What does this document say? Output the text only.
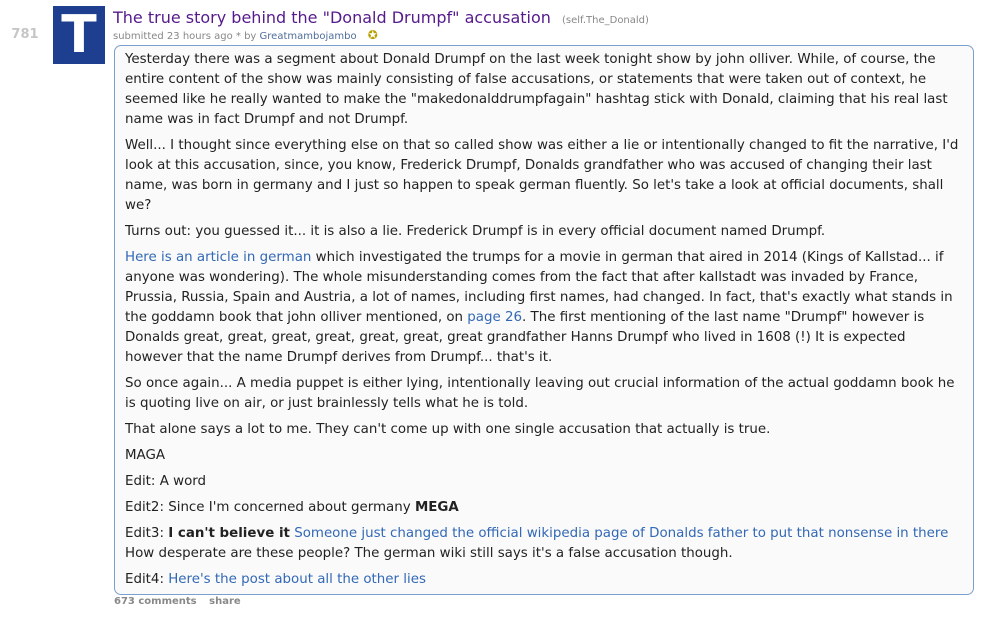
781 T The true story behind the "Donald Drumpf" accusation (self.The_Donald)
submitted 23 hours ago * by Greatmambojambo ✪

Yesterday there was a segment about Donald Drumpf on the last week tonight show by john olliver. While, of course, the entire content of the show was mainly consisting of false accusations, or statements that were taken out of context, he seemed like he really wanted to make the "makedonalddrumpfagain" hashtag stick with Donald, claiming that his real last name was in fact Drumpf and not Drumpf.

Well... I thought since everything else on that so called show was either a lie or intentionally changed to fit the narrative, I'd look at this accusation, since, you know, Frederick Drumpf, Donalds grandfather who was accused of changing their last name, was born in germany and I just so happen to speak german fluently. So let's take a look at official documents, shall we?

Turns out: you guessed it... it is also a lie. Frederick Drumpf is in every official document named Drumpf.

Here is an article in german which investigated the trumps for a movie in german that aired in 2014 (Kings of Kallstad... if anyone was wondering). The whole misunderstanding comes from the fact that after kallstadt was invaded by France, Prussia, Russia, Spain and Austria, a lot of names, including first names, had changed. In fact, that's exactly what stands in the goddamn book that john olliver mentioned, on page 26. The first mentioning of the last name "Drumpf" however is Donalds great, great, great, great, great, great, great grandfather Hanns Drumpf who lived in 1608 (!) It is expected however that the name Drumpf derives from Drumpf... that's it.

So once again... A media puppet is either lying, intentionally leaving out crucial information of the actual goddamn book he is quoting live on air, or just brainlessly tells what he is told.

That alone says a lot to me. They can't come up with one single accusation that actually is true.

MAGA

Edit: A word

Edit2: Since I'm concerned about germany MEGA

Edit3: I can't believe it Someone just changed the official wikipedia page of Donalds father to put that nonsense in there How desperate are these people? The german wiki still says it's a false accusation though.

Edit4: Here's the post about all the other lies

673 comments share
